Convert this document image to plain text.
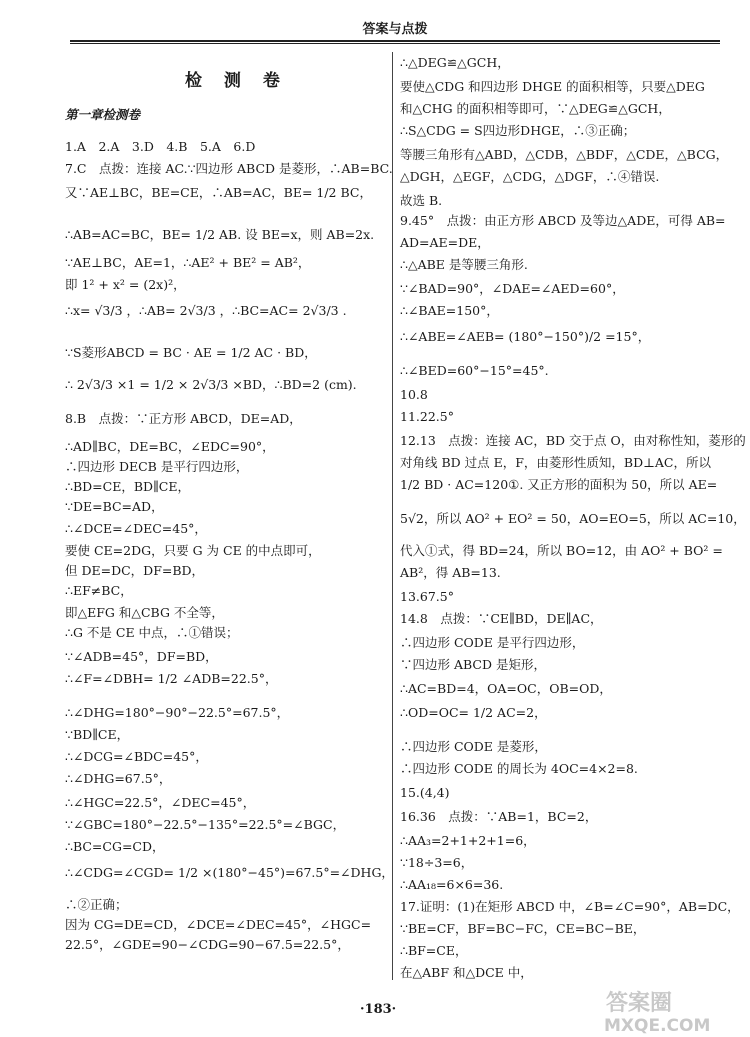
答案与点拨
检 测 卷
第一章检测卷
1.A　2.A　3.D　4.B　5.A　6.D
7.C　点拨：连接 AC.∵四边形 ABCD 是菱形，∴AB=BC.
又∵AE⊥BC，BE=CE，∴AB=AC，BE= 1/2 BC，
∴AB=AC=BC，BE= 1/2 AB. 设 BE=x，则 AB=2x.
∵AE⊥BC，AE=1，∴AE² + BE² = AB²，
即 1² + x² = (2x)²，
∴x= √3/3 ，∴AB= 2√3/3 ，∴BC=AC= 2√3/3 .
∵S菱形ABCD = BC · AE = 1/2 AC · BD，
∴ 2√3/3 ×1 = 1/2 × 2√3/3 ×BD，∴BD=2 (cm).
8.B　点拨：∵正方形 ABCD，DE=AD，
∴AD∥BC，DE=BC，∠EDC=90°，
∴四边形 DECB 是平行四边形，
∴BD=CE，BD∥CE，
∵DE=BC=AD，
∴∠DCE=∠DEC=45°，
要使 CE=2DG，只要 G 为 CE 的中点即可，
但 DE=DC，DF=BD，
∴EF≠BC，
即△EFG 和△CBG 不全等，
∴G 不是 CE 中点，∴①错误；
∵∠ADB=45°，DF=BD，
∴∠F=∠DBH= 1/2 ∠ADB=22.5°，
∴∠DHG=180°−90°−22.5°=67.5°，
∵BD∥CE，
∴∠DCG=∠BDC=45°，
∴∠DHG=67.5°，
∴∠HGC=22.5°，∠DEC=45°，
∵∠GBC=180°−22.5°−135°=22.5°=∠BGC，
∴BC=CG=CD，
∴∠CDG=∠CGD= 1/2 ×(180°−45°)=67.5°=∠DHG，
∴②正确；
因为 CG=DE=CD，∠DCE=∠DEC=45°，∠HGC=
22.5°，∠GDE=90−∠CDG=90−67.5=22.5°，
∴△DEG≌△GCH，
要使△CDG 和四边形 DHGE 的面积相等，只要△DEG
和△CHG 的面积相等即可，∵△DEG≌△GCH，
∴S△CDG = S四边形DHGE，∴③正确；
等腰三角形有△ABD，△CDB，△BDF，△CDE，△BCG，
△DGH，△EGF，△CDG，△DGF，∴④错误.
故选 B.
9.45°　点拨：由正方形 ABCD 及等边△ADE，可得 AB=
AD=AE=DE，
∴△ABE 是等腰三角形.
∵∠BAD=90°，∠DAE=∠AED=60°，
∴∠BAE=150°，
∴∠ABE=∠AEB= (180°−150°)/2 =15°，
∴∠BED=60°−15°=45°.
10.8
11.22.5°
12.13　点拨：连接 AC，BD 交于点 O，由对称性知，菱形的
对角线 BD 过点 E，F，由菱形性质知，BD⊥AC，所以
1/2 BD · AC=120①. 又正方形的面积为 50，所以 AE=
5√2，所以 AO² + EO² = 50，AO=EO=5，所以 AC=10，
代入①式，得 BD=24，所以 BO=12，由 AO² + BO² =
AB²，得 AB=13.
13.67.5°
14.8　点拨：∵CE∥BD，DE∥AC，
∴四边形 CODE 是平行四边形，
∵四边形 ABCD 是矩形，
∴AC=BD=4，OA=OC，OB=OD，
∴OD=OC= 1/2 AC=2，
∴四边形 CODE 是菱形，
∴四边形 CODE 的周长为 4OC=4×2=8.
15.(4,4)
16.36　点拨：∵AB=1，BC=2，
∴AA₃=2+1+2+1=6，
∵18÷3=6，
∴AA₁₈=6×6=36.
17.证明：(1)在矩形 ABCD 中，∠B=∠C=90°，AB=DC，
∵BE=CF，BF=BC−FC，CE=BC−BE，
∴BF=CE，
在△ABF 和△DCE 中，
·183·	答案圈
MXQE.COM
